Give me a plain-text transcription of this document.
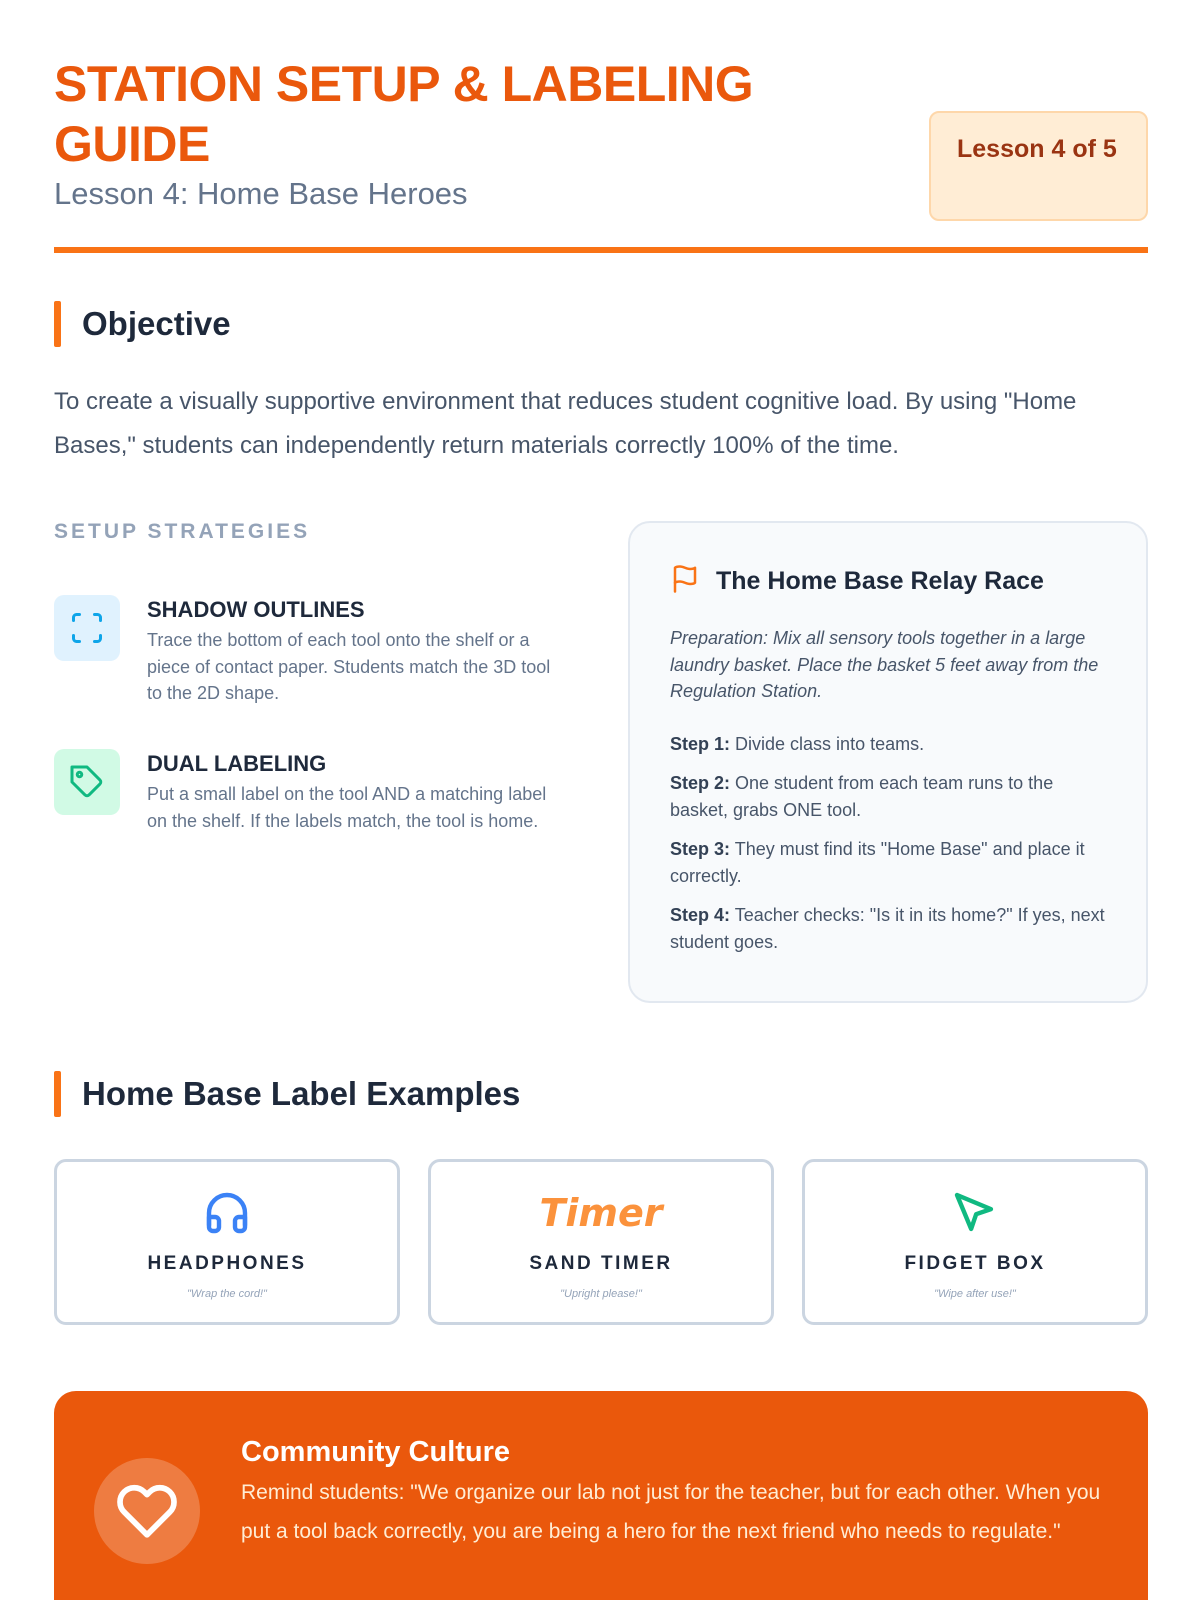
STATION SETUP & LABELING GUIDE
Lesson 4: Home Base Heroes
Lesson 4 of 5
Objective
To create a visually supportive environment that reduces student cognitive load. By using "Home Bases," students can independently return materials correctly 100% of the time.
SETUP STRATEGIES
SHADOW OUTLINES
Trace the bottom of each tool onto the shelf or a piece of contact paper. Students match the 3D tool to the 2D shape.
DUAL LABELING
Put a small label on the tool AND a matching label on the shelf. If the labels match, the tool is home.
The Home Base Relay Race
Preparation: Mix all sensory tools together in a large laundry basket. Place the basket 5 feet away from the Regulation Station.
Step 1: Divide class into teams.
Step 2: One student from each team runs to the basket, grabs ONE tool.
Step 3: They must find its "Home Base" and place it correctly.
Step 4: Teacher checks: "Is it in its home?" If yes, next student goes.
Home Base Label Examples
HEADPHONES
"Wrap the cord!"
Timer
SAND TIMER
"Upright please!"
FIDGET BOX
"Wipe after use!"
Community Culture
Remind students: "We organize our lab not just for the teacher, but for each other. When you put a tool back correctly, you are being a hero for the next friend who needs to regulate."
